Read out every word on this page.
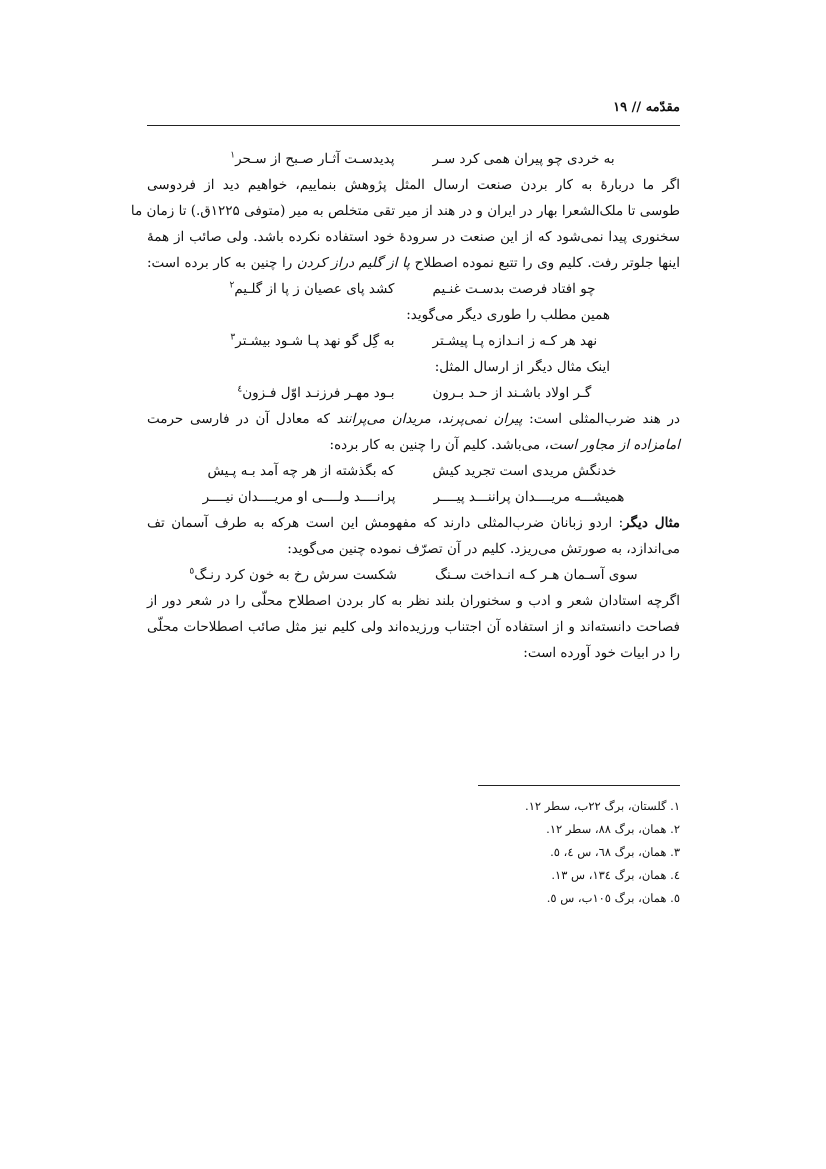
مقدّمه // ۱۹
به خردی چو پیران همی کرد سـر
پدیدسـت آثـار صـبح از سـحر$^۱$
اگر ما دربارهٔ به کار بردن صنعت ارسال المثل پژوهش بنماییم، خواهیم دید از فردوسی
طوسی تا ملک‌الشعرا بهار در ایران و در هند از میر تقی متخلص به میر (متوفی ۱۲۲۵ق.) تا زمان ما
سخنوری پیدا نمی‌شود که از این صنعت در سرودهٔ خود استفاده نکرده باشد. ولی صائب از همهٔ
اینها جلوتر رفت. کلیم وی را تتبع نموده اصطلاح پا از گلیم دراز کردن را چنین به کار برده است:
چو افتاد فرصت بدسـت غنـیم
کشد پای عصیان ز پا از گلـیم$^۲$
همین مطلب را طوری دیگر می‌گوید:
نهد هر کـه ز انـدازه پـا پیشـتر
به گِل گو نهد پـا شـود بیشـتر$^۳$
اینک مثال دیگر از ارسال المثل:
گـر اولاد باشـند از حـد بـرون
بـود مهـر فرزنـد اوّل فـزون$^٤$
در هند ضرب‌المثلی است: پیران نمی‌پرند، مریدان می‌پرانند که معادل آن در فارسی حرمت
امامزاده از مجاور است، می‌باشد. کلیم آن را چنین به کار برده:
خدنگش مریدی است تجرید کیش
که بگذشته از هر چه آمد بـه پـیش
همیشـــه مریــــدان پراننـــد پیــــر
پرانــــد ولــــی او مریــــدان نیــــر
مثال دیگر: اردو زبانان ضرب‌المثلی دارند که مفهومش این است هرکه به طرف آسمان تف
می‌اندازد، به صورتش می‌ریزد. کلیم در آن تصرّف نموده چنین می‌گوید:
سوی آسـمان هـر کـه انـداخت سـنگ
شکست سرش رخ به خون کرد رنـگ$^٥$
اگرچه استادان شعر و ادب و سخنوران بلند نظر به کار بردن اصطلاح محلّی را در شعر دور از
فصاحت دانسته‌اند و از استفاده آن اجتناب ورزیده‌اند ولی کلیم نیز مثل صائب اصطلاحات محلّی
را در ابیات خود آورده است:
۱. گلستان، برگ ۲۲ب، سطر ۱۲.
۲. همان، برگ ۸۸، سطر ۱۲.
۳. همان، برگ ٦۸، س ٤، ٥.
٤. همان، برگ ۱۳٤، س ۱۳.
٥. همان، برگ ۱۰٥ب، س ٥.
